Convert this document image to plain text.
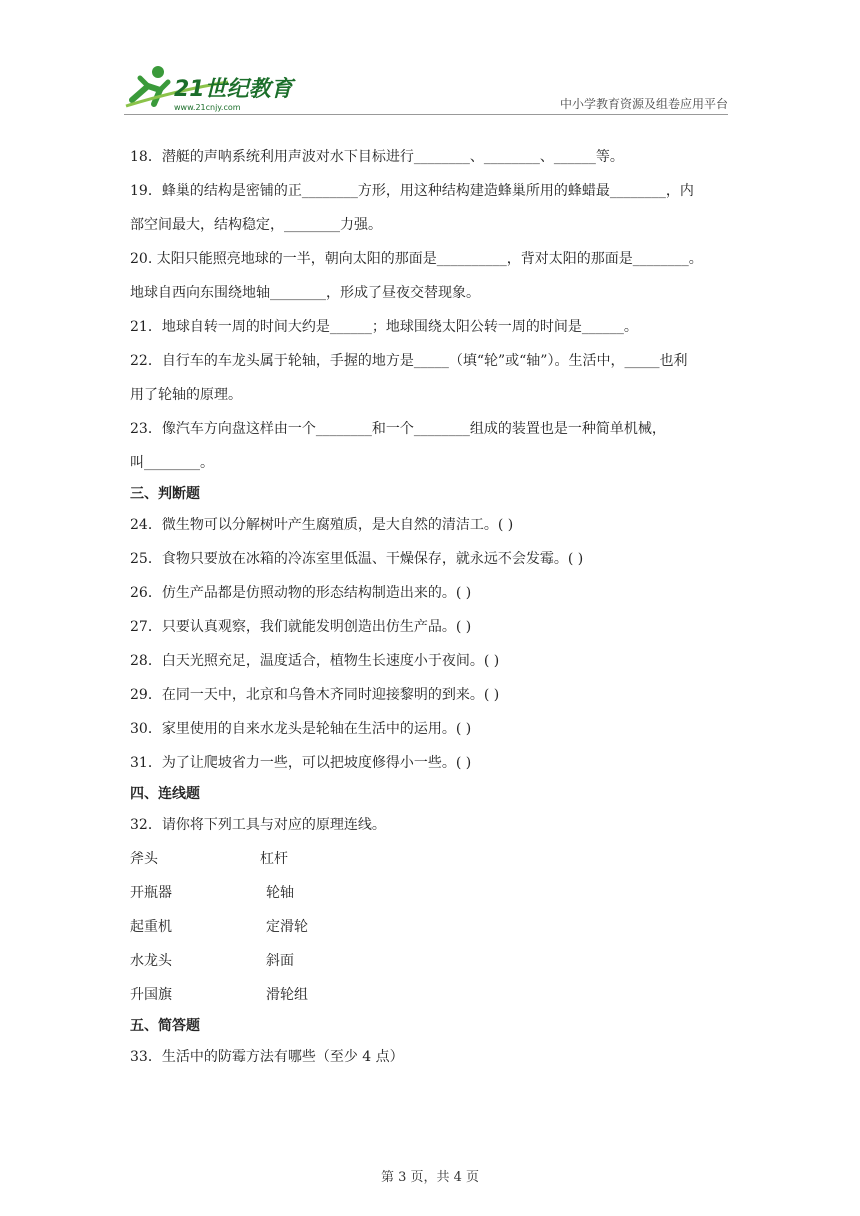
21世纪教育
www.21cnjy.com	中小学教育资源及组卷应用平台
18．潜艇的声呐系统利用声波对水下目标进行________、________、______等。
19．蜂巢的结构是密铺的正________方形，用这种结构建造蜂巢所用的蜂蜡最________，内
部空间最大，结构稳定，________力强。
20. 太阳只能照亮地球的一半，朝向太阳的那面是__________，背对太阳的那面是________。
地球自西向东围绕地轴________，形成了昼夜交替现象。
21．地球自转一周的时间大约是______；地球围绕太阳公转一周的时间是______。
22．自行车的车龙头属于轮轴，手握的地方是_____（填“轮”或“轴”）。生活中，_____也利
用了轮轴的原理。
23．像汽车方向盘这样由一个________和一个________组成的装置也是一种简单机械，
叫________。
三、判断题
24．微生物可以分解树叶产生腐殖质，是大自然的清洁工。( )
25．食物只要放在冰箱的冷冻室里低温、干燥保存，就永远不会发霉。( )
26．仿生产品都是仿照动物的形态结构制造出来的。( )
27．只要认真观察，我们就能发明创造出仿生产品。( )
28．白天光照充足，温度适合，植物生长速度小于夜间。( )
29．在同一天中，北京和乌鲁木齐同时迎接黎明的到来。( )
30．家里使用的自来水龙头是轮轴在生活中的运用。( )
31．为了让爬坡省力一些，可以把坡度修得小一些。( )
四、连线题
32．请你将下列工具与对应的原理连线。
斧头	杠杆
开瓶器	轮轴
起重机	定滑轮
水龙头	斜面
升国旗	滑轮组
五、简答题
33．生活中的防霉方法有哪些（至少 4 点）
第 3 页，共 4 页
